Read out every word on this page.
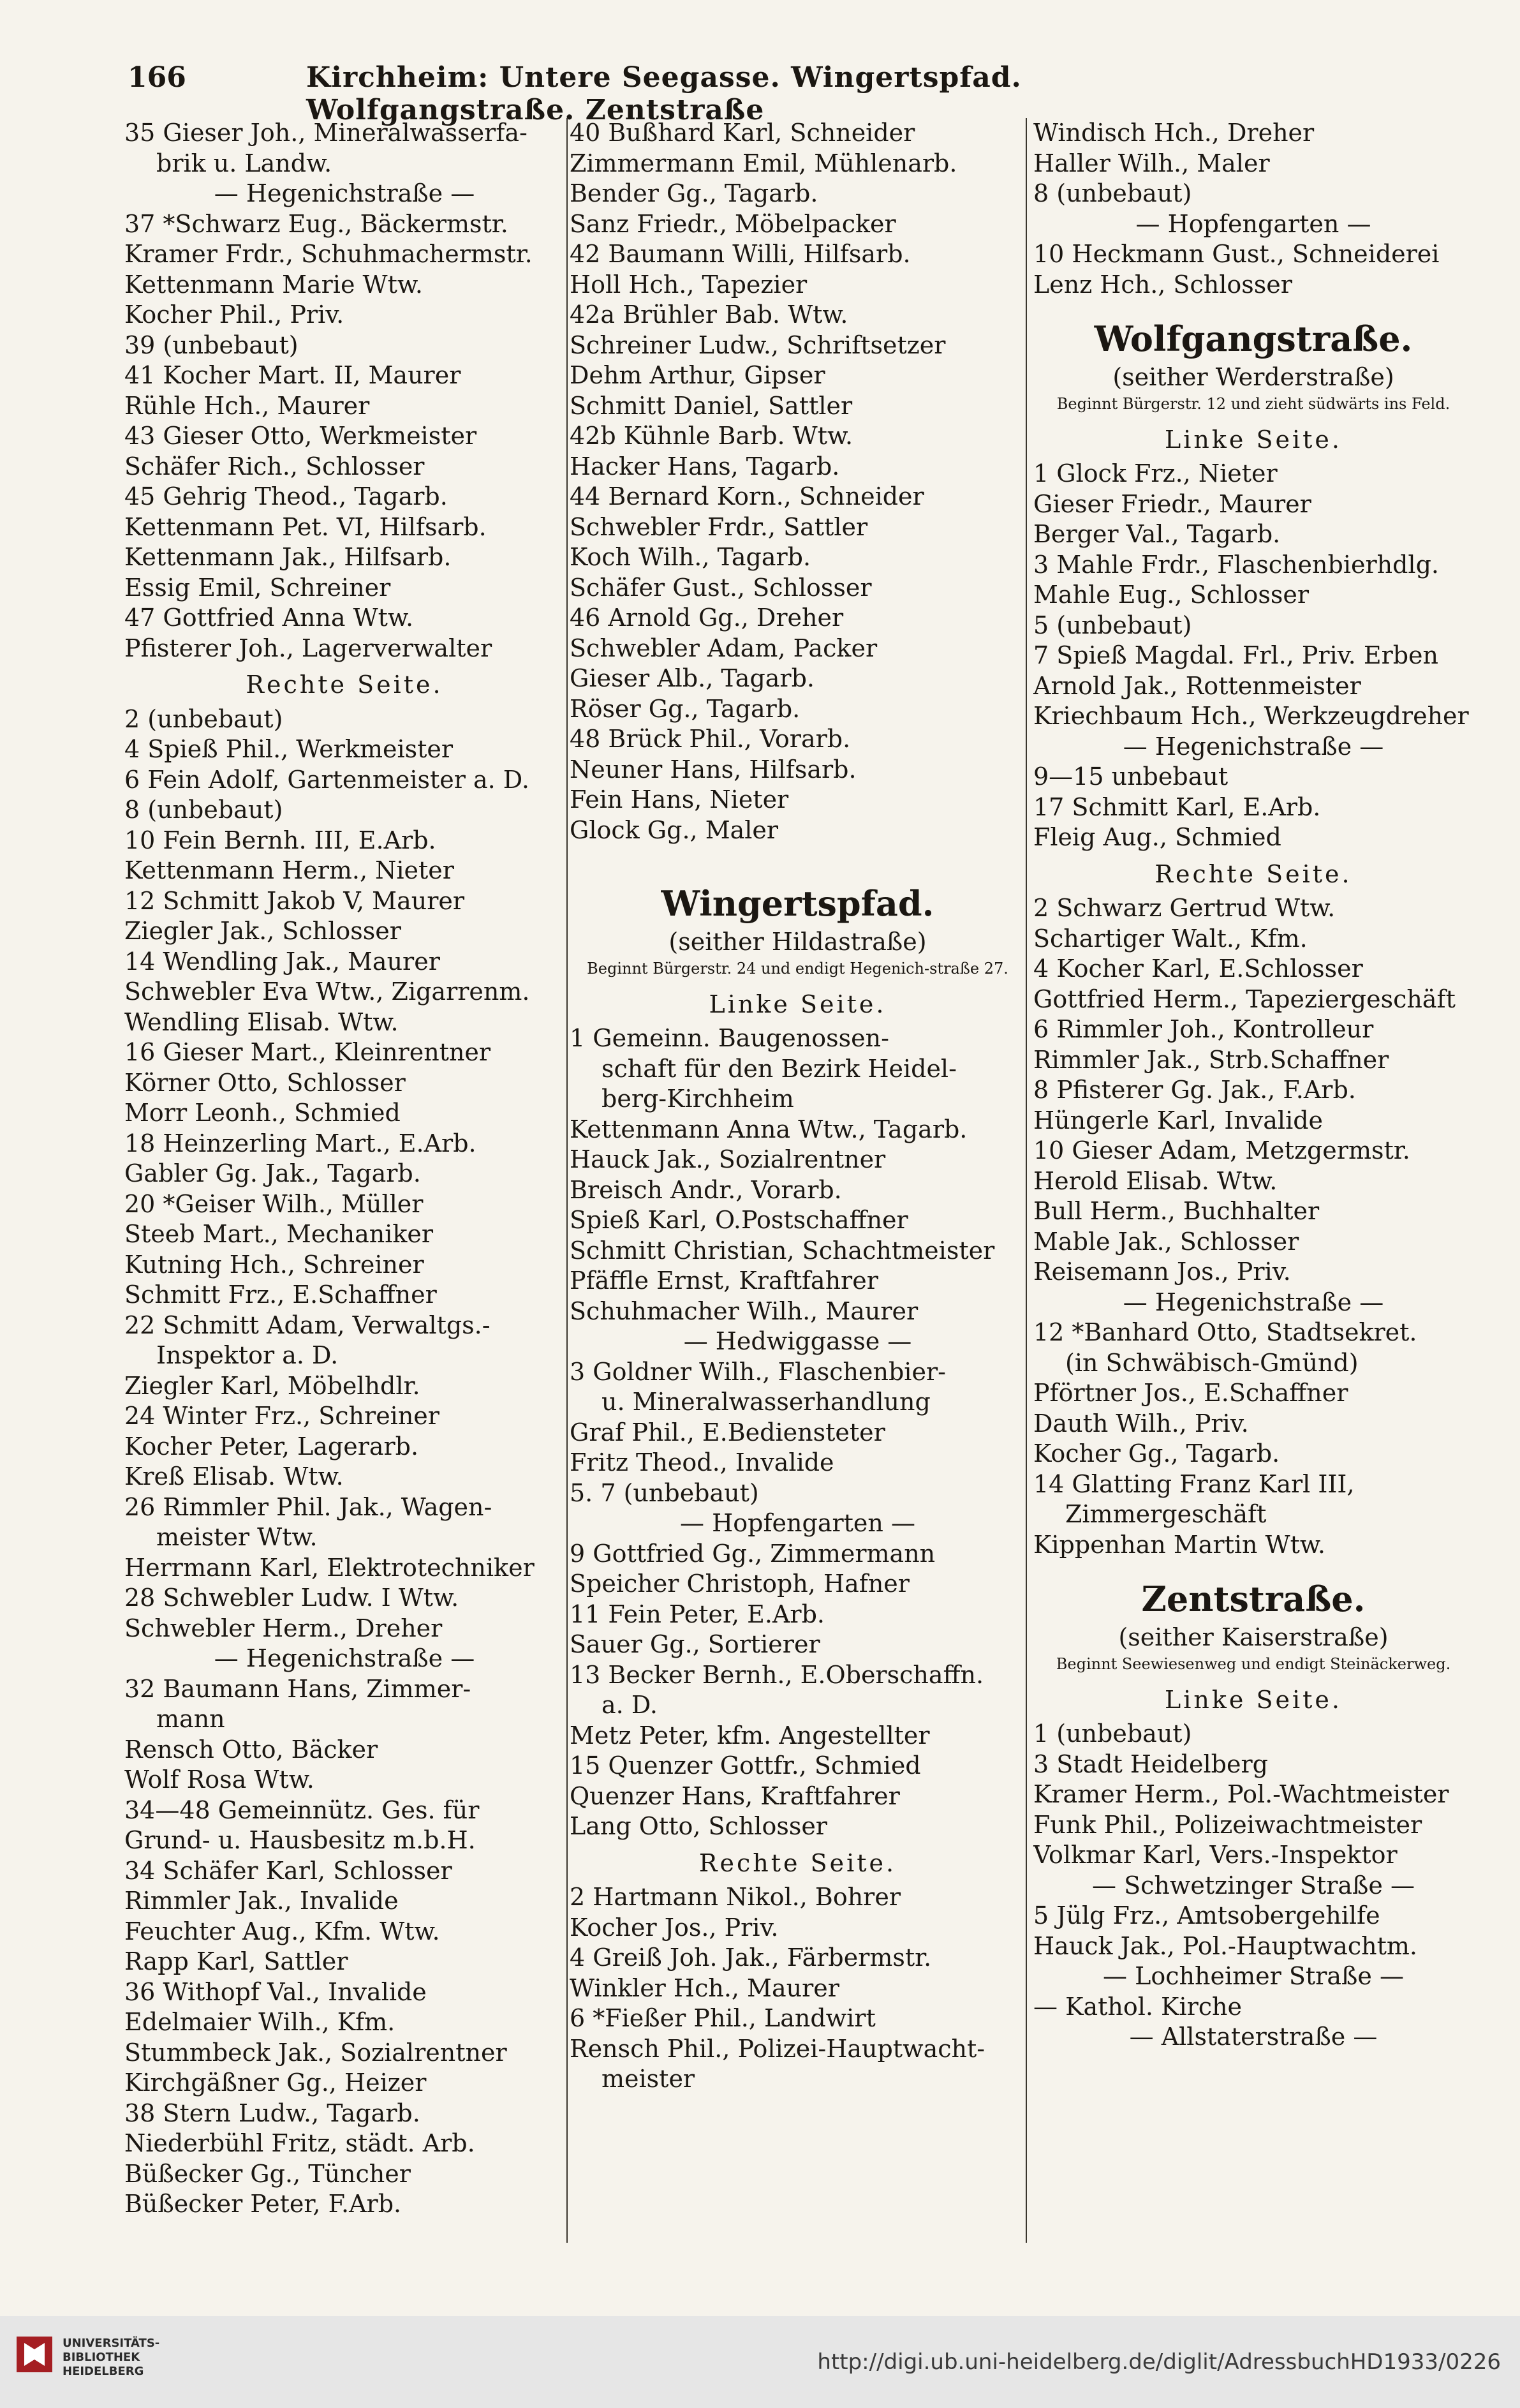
166	Kirchheim: Untere Seegasse. Wingertspfad. Wolfgangstraße. Zentstraße
35 Gieser Joh., Mineralwasserfa-
brik u. Landw.
— Hegenichstraße —
37 *Schwarz Eug., Bäckermstr.
Kramer Frdr., Schuhmachermstr.
Kettenmann Marie Wtw.
Kocher Phil., Priv.
39 (unbebaut)
41 Kocher Mart. II, Maurer
Rühle Hch., Maurer
43 Gieser Otto, Werkmeister
Schäfer Rich., Schlosser
45 Gehrig Theod., Tagarb.
Kettenmann Pet. VI, Hilfsarb.
Kettenmann Jak., Hilfsarb.
Essig Emil, Schreiner
47 Gottfried Anna Wtw.
Pfisterer Joh., Lagerverwalter
Rechte Seite.
2 (unbebaut)
4 Spieß Phil., Werkmeister
6 Fein Adolf, Gartenmeister a. D.
8 (unbebaut)
10 Fein Bernh. III, E.Arb.
Kettenmann Herm., Nieter
12 Schmitt Jakob V, Maurer
Ziegler Jak., Schlosser
14 Wendling Jak., Maurer
Schwebler Eva Wtw., Zigarrenm.
Wendling Elisab. Wtw.
16 Gieser Mart., Kleinrentner
Körner Otto, Schlosser
Morr Leonh., Schmied
18 Heinzerling Mart., E.Arb.
Gabler Gg. Jak., Tagarb.
20 *Geiser Wilh., Müller
Steeb Mart., Mechaniker
Kutning Hch., Schreiner
Schmitt Frz., E.Schaffner
22 Schmitt Adam, Verwaltgs.-
Inspektor a. D.
Ziegler Karl, Möbelhdlr.
24 Winter Frz., Schreiner
Kocher Peter, Lagerarb.
Kreß Elisab. Wtw.
26 Rimmler Phil. Jak., Wagen-
meister Wtw.
Herrmann Karl, Elektrotechniker
28 Schwebler Ludw. I Wtw.
Schwebler Herm., Dreher
— Hegenichstraße —
32 Baumann Hans, Zimmer-
mann
Rensch Otto, Bäcker
Wolf Rosa Wtw.
34—48 Gemeinnütz. Ges. für
Grund- u. Hausbesitz m.b.H.
34 Schäfer Karl, Schlosser
Rimmler Jak., Invalide
Feuchter Aug., Kfm. Wtw.
Rapp Karl, Sattler
36 Withopf Val., Invalide
Edelmaier Wilh., Kfm.
Stummbeck Jak., Sozialrentner
Kirchgäßner Gg., Heizer
38 Stern Ludw., Tagarb.
Niederbühl Fritz, städt. Arb.
Büßecker Gg., Tüncher
Büßecker Peter, F.Arb.
40 Bußhard Karl, Schneider
Zimmermann Emil, Mühlenarb.
Bender Gg., Tagarb.
Sanz Friedr., Möbelpacker
42 Baumann Willi, Hilfsarb.
Holl Hch., Tapezier
42a Brühler Bab. Wtw.
Schreiner Ludw., Schriftsetzer
Dehm Arthur, Gipser
Schmitt Daniel, Sattler
42b Kühnle Barb. Wtw.
Hacker Hans, Tagarb.
44 Bernard Korn., Schneider
Schwebler Frdr., Sattler
Koch Wilh., Tagarb.
Schäfer Gust., Schlosser
46 Arnold Gg., Dreher
Schwebler Adam, Packer
Gieser Alb., Tagarb.
Röser Gg., Tagarb.
48 Brück Phil., Vorarb.
Neuner Hans, Hilfsarb.
Fein Hans, Nieter
Glock Gg., Maler
Wingertspfad.
(seither Hildastraße)
Beginnt Bürgerstr. 24 und endigt Hegenich-straße 27.
Linke Seite.
1 Gemeinn. Baugenossen-
schaft für den Bezirk Heidel-
berg-Kirchheim
Kettenmann Anna Wtw., Tagarb.
Hauck Jak., Sozialrentner
Breisch Andr., Vorarb.
Spieß Karl, O.Postschaffner
Schmitt Christian, Schachtmeister
Pfäffle Ernst, Kraftfahrer
Schuhmacher Wilh., Maurer
— Hedwiggasse —
3 Goldner Wilh., Flaschenbier-
u. Mineralwasserhandlung
Graf Phil., E.Bediensteter
Fritz Theod., Invalide
5. 7 (unbebaut)
— Hopfengarten —
9 Gottfried Gg., Zimmermann
Speicher Christoph, Hafner
11 Fein Peter, E.Arb.
Sauer Gg., Sortierer
13 Becker Bernh., E.Oberschaffn.
a. D.
Metz Peter, kfm. Angestellter
15 Quenzer Gottfr., Schmied
Quenzer Hans, Kraftfahrer
Lang Otto, Schlosser
Rechte Seite.
2 Hartmann Nikol., Bohrer
Kocher Jos., Priv.
4 Greiß Joh. Jak., Färbermstr.
Winkler Hch., Maurer
6 *Fießer Phil., Landwirt
Rensch Phil., Polizei-Hauptwacht-
meister
Windisch Hch., Dreher
Haller Wilh., Maler
8 (unbebaut)
— Hopfengarten —
10 Heckmann Gust., Schneiderei
Lenz Hch., Schlosser
Wolfgangstraße.
(seither Werderstraße)
Beginnt Bürgerstr. 12 und zieht südwärts ins Feld.
Linke Seite.
1 Glock Frz., Nieter
Gieser Friedr., Maurer
Berger Val., Tagarb.
3 Mahle Frdr., Flaschenbierhdlg.
Mahle Eug., Schlosser
5 (unbebaut)
7 Spieß Magdal. Frl., Priv. Erben
Arnold Jak., Rottenmeister
Kriechbaum Hch., Werkzeugdreher
— Hegenichstraße —
9—15 unbebaut
17 Schmitt Karl, E.Arb.
Fleig Aug., Schmied
Rechte Seite.
2 Schwarz Gertrud Wtw.
Schartiger Walt., Kfm.
4 Kocher Karl, E.Schlosser
Gottfried Herm., Tapeziergeschäft
6 Rimmler Joh., Kontrolleur
Rimmler Jak., Strb.Schaffner
8 Pfisterer Gg. Jak., F.Arb.
Hüngerle Karl, Invalide
10 Gieser Adam, Metzgermstr.
Herold Elisab. Wtw.
Bull Herm., Buchhalter
Mable Jak., Schlosser
Reisemann Jos., Priv.
— Hegenichstraße —
12 *Banhard Otto, Stadtsekret.
(in Schwäbisch-Gmünd)
Pförtner Jos., E.Schaffner
Dauth Wilh., Priv.
Kocher Gg., Tagarb.
14 Glatting Franz Karl III,
Zimmergeschäft
Kippenhan Martin Wtw.
Zentstraße.
(seither Kaiserstraße)
Beginnt Seewiesenweg und endigt Steinäckerweg.
Linke Seite.
1 (unbebaut)
3 Stadt Heidelberg
Kramer Herm., Pol.-Wachtmeister
Funk Phil., Polizeiwachtmeister
Volkmar Karl, Vers.-Inspektor
— Schwetzinger Straße —
5 Jülg Frz., Amtsobergehilfe
Hauck Jak., Pol.-Hauptwachtm.
— Lochheimer Straße —
— Kathol. Kirche
— Allstaterstraße —
UNIVERSITÄTS-
BIBLIOTHEK
HEIDELBERG	http://digi.ub.uni-heidelberg.de/diglit/AdressbuchHD1933/0226
